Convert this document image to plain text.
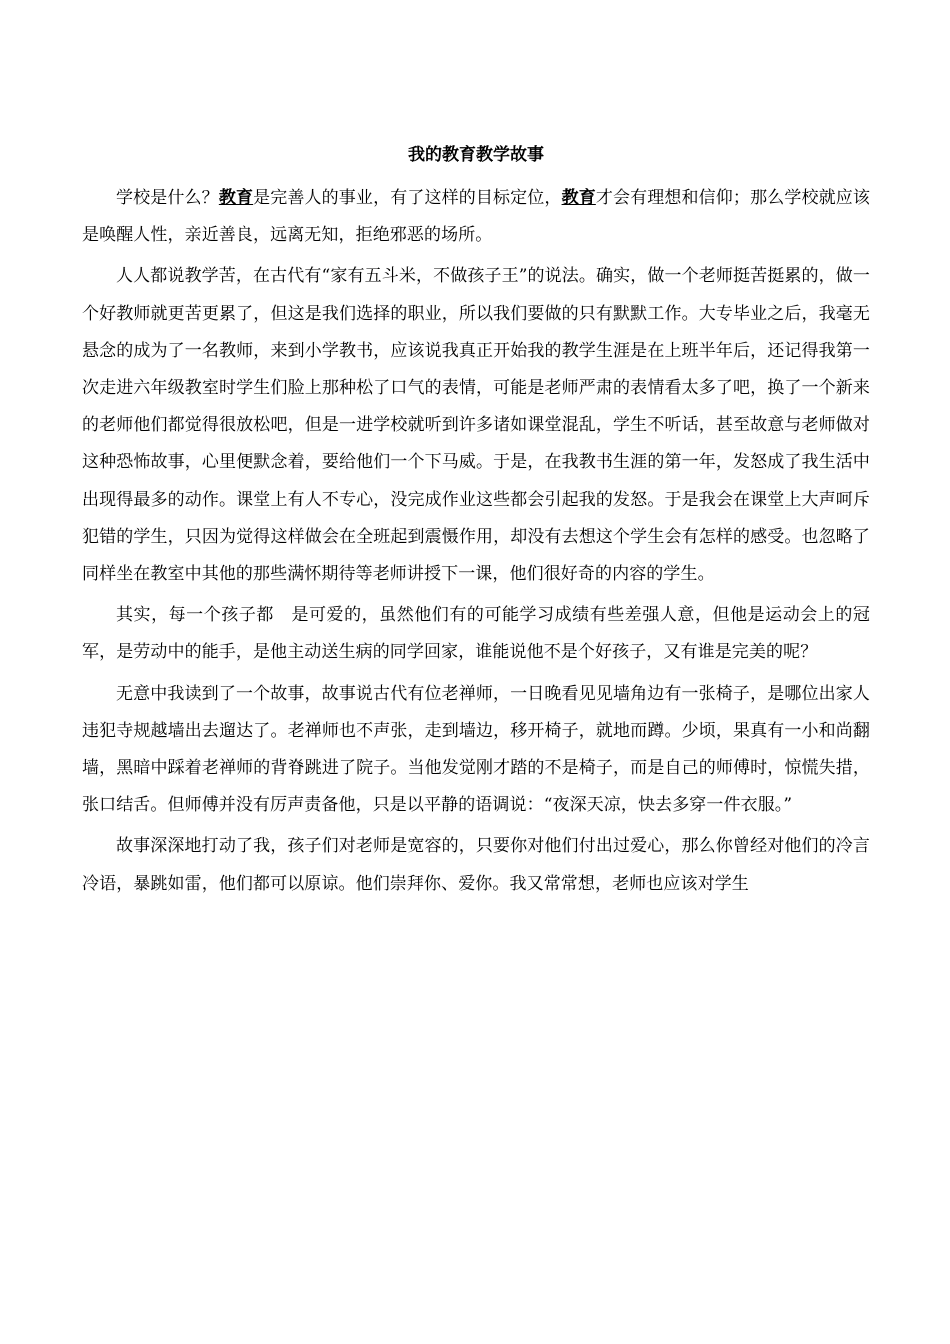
我的教育教学故事

学校是什么？教育是完善人的事业，有了这样的目标定位，教育才会有理想和信仰；那么学校就应该是唤醒人性，亲近善良，远离无知，拒绝邪恶的场所。

人人都说教学苦，在古代有“家有五斗米，不做孩子王”的说法。确实，做一个老师挺苦挺累的，做一个好教师就更苦更累了，但这是我们选择的职业，所以我们要做的只有默默工作。大专毕业之后，我毫无悬念的成为了一名教师，来到小学教书，应该说我真正开始我的教学生涯是在上班半年后，还记得我第一次走进六年级教室时学生们脸上那种松了口气的表情，可能是老师严肃的表情看太多了吧，换了一个新来的老师他们都觉得很放松吧，但是一进学校就听到许多诸如课堂混乱，学生不听话，甚至故意与老师做对这种恐怖故事，心里便默念着，要给他们一个下马威。于是，在我教书生涯的第一年，发怒成了我生活中出现得最多的动作。课堂上有人不专心，没完成作业这些都会引起我的发怒。于是我会在课堂上大声呵斥犯错的学生，只因为觉得这样做会在全班起到震慑作用，却没有去想这个学生会有怎样的感受。也忽略了同样坐在教室中其他的那些满怀期待等老师讲授下一课，他们很好奇的内容的学生。

其实，每一个孩子都　是可爱的，虽然他们有的可能学习成绩有些差强人意，但他是运动会上的冠军，是劳动中的能手，是他主动送生病的同学回家，谁能说他不是个好孩子，又有谁是完美的呢？

无意中我读到了一个故事，故事说古代有位老禅师，一日晚看见见墙角边有一张椅子，是哪位出家人违犯寺规越墙出去遛达了。老禅师也不声张，走到墙边，移开椅子，就地而蹲。少顷，果真有一小和尚翻墙，黑暗中踩着老禅师的背脊跳进了院子。当他发觉刚才踏的不是椅子，而是自己的师傅时，惊慌失措，张口结舌。但师傅并没有厉声责备他，只是以平静的语调说：“夜深天凉，快去多穿一件衣服。”

故事深深地打动了我，孩子们对老师是宽容的，只要你对他们付出过爱心，那么你曾经对他们的冷言冷语，暴跳如雷，他们都可以原谅。他们崇拜你、爱你。我又常常想，老师也应该对学生
